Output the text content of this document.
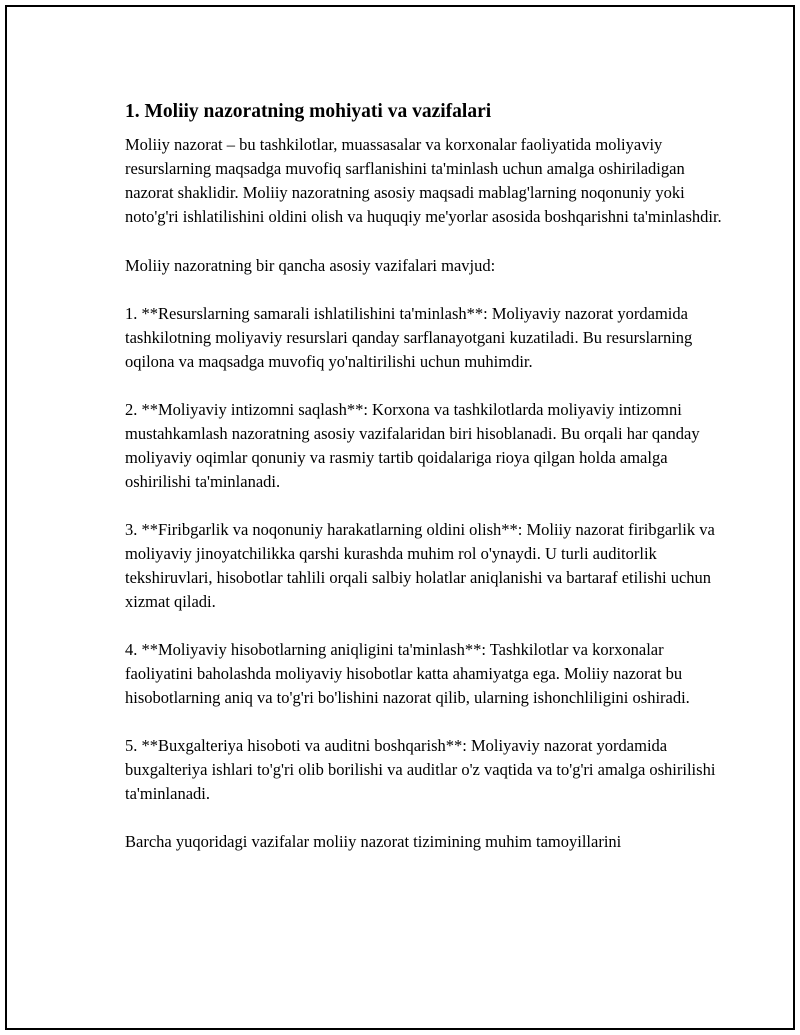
1. Moliiy nazoratning mohiyati va vazifalari

Moliiy nazorat – bu tashkilotlar, muassasalar va korxonalar faoliyatida moliyaviy resurslarning maqsadga muvofiq sarflanishini ta'minlash uchun amalga oshiriladigan nazorat shaklidir. Moliiy nazoratning asosiy maqsadi mablag'larning noqonuniy yoki noto'g'ri ishlatilishini oldini olish va huquqiy me'yorlar asosida boshqarishni ta'minlashdir.

Moliiy nazoratning bir qancha asosiy vazifalari mavjud:

1. **Resurslarning samarali ishlatilishini ta'minlash**: Moliyaviy nazorat yordamida tashkilotning moliyaviy resurslari qanday sarflanayotgani kuzatiladi. Bu resurslarning oqilona va maqsadga muvofiq yo'naltirilishi uchun muhimdir.

2. **Moliyaviy intizomni saqlash**: Korxona va tashkilotlarda moliyaviy intizomni mustahkamlash nazoratning asosiy vazifalaridan biri hisoblanadi. Bu orqali har qanday moliyaviy oqimlar qonuniy va rasmiy tartib qoidalariga rioya qilgan holda amalga oshirilishi ta'minlanadi.

3. **Firibgarlik va noqonuniy harakatlarning oldini olish**: Moliiy nazorat firibgarlik va moliyaviy jinoyatchilikka qarshi kurashda muhim rol o'ynaydi. U turli auditorlik tekshiruvlari, hisobotlar tahlili orqali salbiy holatlar aniqlanishi va bartaraf etilishi uchun xizmat qiladi.

4. **Moliyaviy hisobotlarning aniqligini ta'minlash**: Tashkilotlar va korxonalar faoliyatini baholashda moliyaviy hisobotlar katta ahamiyatga ega. Moliiy nazorat bu hisobotlarning aniq va to'g'ri bo'lishini nazorat qilib, ularning ishonchliligini oshiradi.

5. **Buxgalteriya hisoboti va auditni boshqarish**: Moliyaviy nazorat yordamida buxgalteriya ishlari to'g'ri olib borilishi va auditlar o'z vaqtida va to'g'ri amalga oshirilishi ta'minlanadi.

Barcha yuqoridagi vazifalar moliiy nazorat tizimining muhim tamoyillarini
